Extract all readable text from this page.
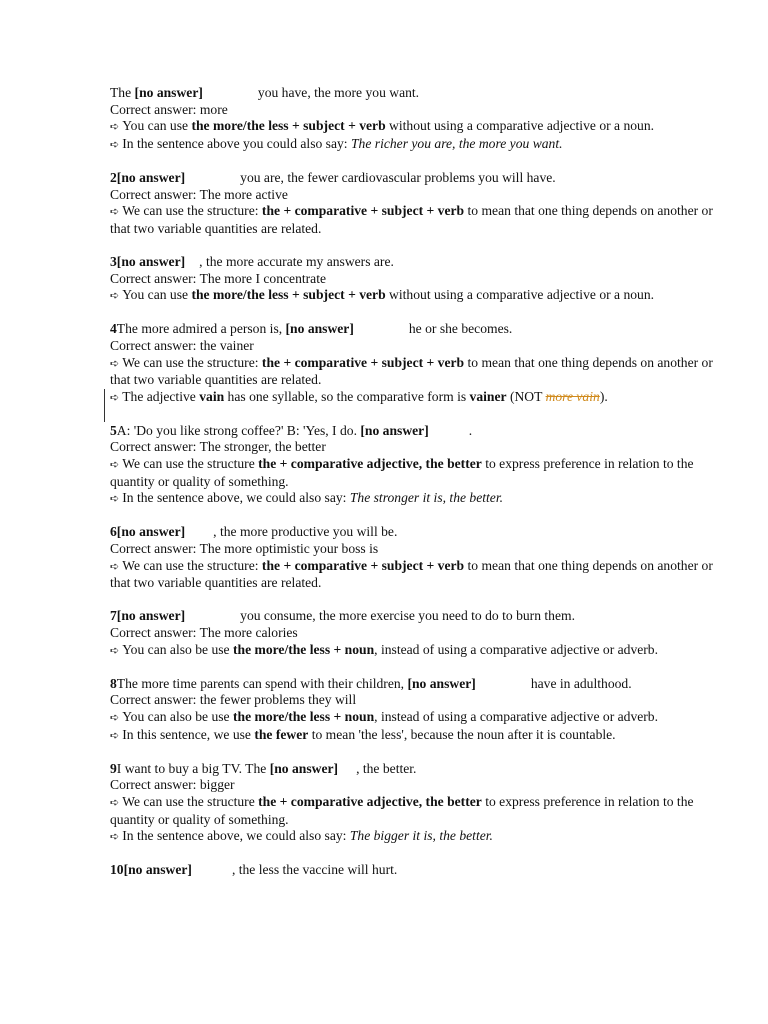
The [no answer]	you have, the more you want.

Correct answer: more

➪ You can use the more/the less + subject + verb without using a comparative adjective or a noun.

➪ In the sentence above you could also say: The richer you are, the more you want.

2[no answer]	you are, the fewer cardiovascular problems you will have.

Correct answer: The more active

➪ We can use the structure: the + comparative + subject + verb to mean that one thing depends on another or that two variable quantities are related.

3[no answer] , the more accurate my answers are.

Correct answer: The more I concentrate

➪ You can use the more/the less + subject + verb without using a comparative adjective or a noun.

4The more admired a person is, [no answer]	he or she becomes.

Correct answer: the vainer

➪ We can use the structure: the + comparative + subject + verb to mean that one thing depends on another or that two variable quantities are related.

➪ The adjective vain has one syllable, so the comparative form is vainer (NOT more vain).

5A: 'Do you like strong coffee?' B: 'Yes, I do. [no answer]	.

Correct answer: The stronger, the better

➪ We can use the structure the + comparative adjective, the better to express preference in relation to the quantity or quality of something.

➪ In the sentence above, we could also say: The stronger it is, the better.

6[no answer] , the more productive you will be.

Correct answer: The more optimistic your boss is

➪ We can use the structure: the + comparative + subject + verb to mean that one thing depends on another or that two variable quantities are related.

7[no answer]	you consume, the more exercise you need to do to burn them.

Correct answer: The more calories

➪ You can also be use the more/the less + noun, instead of using a comparative adjective or adverb.

8The more time parents can spend with their children, [no answer]	have in adulthood.

Correct answer: the fewer problems they will

➪ You can also be use the more/the less + noun, instead of using a comparative adjective or adverb.

➪ In this sentence, we use the fewer to mean 'the less', because the noun after it is countable.

9I want to buy a big TV. The [no answer] , the better.

Correct answer: bigger

➪ We can use the structure the + comparative adjective, the better to express preference in relation to the quantity or quality of something.

➪ In the sentence above, we could also say: The bigger it is, the better.

10[no answer]	, the less the vaccine will hurt.
